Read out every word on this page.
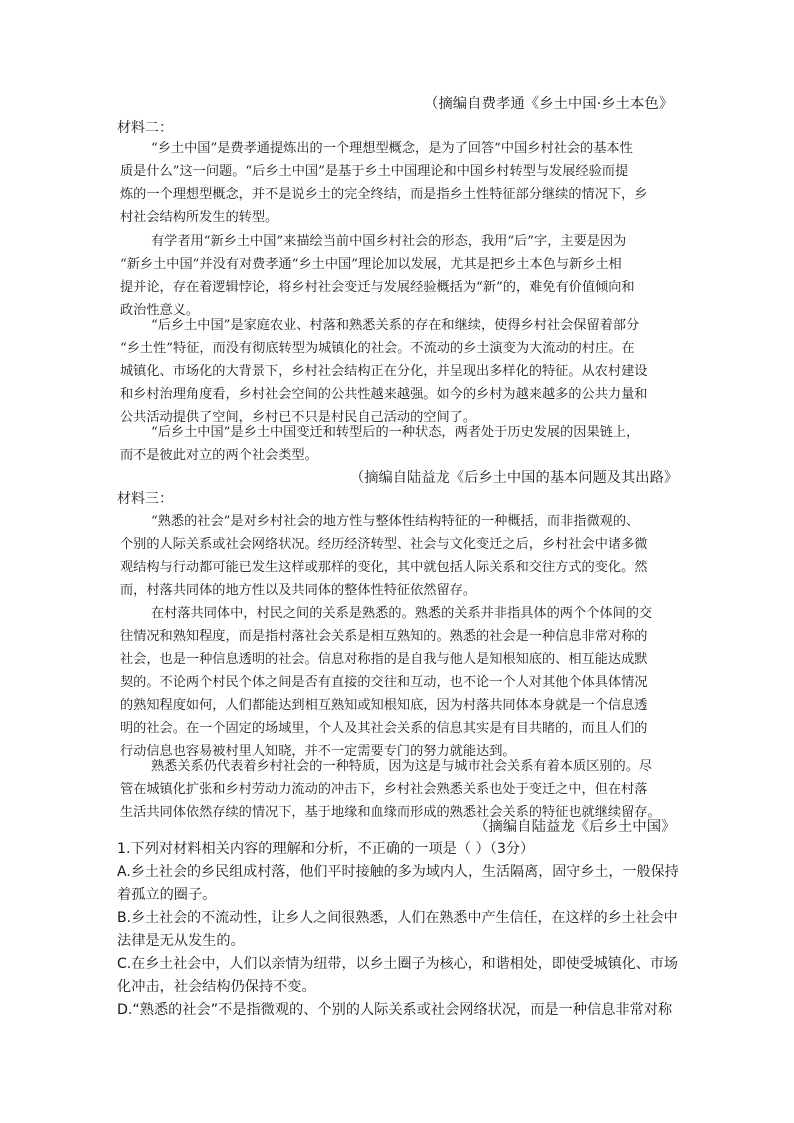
（摘编自费孝通《乡土中国·乡土本色》
材料二：
“乡土中国”是费孝通提炼出的一个理想型概念，是为了回答“中国乡村社会的基本性
质是什么”这一问题。“后乡土中国”是基于乡土中国理论和中国乡村转型与发展经验而提
炼的一个理想型概念，并不是说乡土的完全终结，而是指乡土性特征部分继续的情况下，乡
村社会结构所发生的转型。
有学者用“新乡土中国”来描绘当前中国乡村社会的形态，我用“后”字，主要是因为
“新乡土中国”并没有对费孝通“乡土中国”理论加以发展，尤其是把乡土本色与新乡土相
提并论，存在着逻辑悖论，将乡村社会变迁与发展经验概括为“新”的，难免有价值倾向和
政治性意义。
“后乡土中国”是家庭农业、村落和熟悉关系的存在和继续，使得乡村社会保留着部分
“乡土性”特征，而没有彻底转型为城镇化的社会。不流动的乡土演变为大流动的村庄。在
城镇化、市场化的大背景下，乡村社会结构正在分化，并呈现出多样化的特征。从农村建设
和乡村治理角度看，乡村社会空间的公共性越来越强。如今的乡村为越来越多的公共力量和
公共活动提供了空间，乡村已不只是村民自己活动的空间了。
“后乡土中国”是乡土中国变迁和转型后的一种状态，两者处于历史发展的因果链上，
而不是彼此对立的两个社会类型。
（摘编自陆益龙《后乡土中国的基本问题及其出路》
材料三：
“熟悉的社会”是对乡村社会的地方性与整体性结构特征的一种概括，而非指微观的、
个别的人际关系或社会网络状况。经历经济转型、社会与文化变迁之后，乡村社会中诸多微
观结构与行动都可能已发生这样或那样的变化，其中就包括人际关系和交往方式的变化。然
而，村落共同体的地方性以及共同体的整体性特征依然留存。
在村落共同体中，村民之间的关系是熟悉的。熟悉的关系并非指具体的两个个体间的交
往情况和熟知程度，而是指村落社会关系是相互熟知的。熟悉的社会是一种信息非常对称的
社会，也是一种信息透明的社会。信息对称指的是自我与他人是知根知底的、相互能达成默
契的。不论两个村民个体之间是否有直接的交往和互动，也不论一个人对其他个体具体情况
的熟知程度如何，人们都能达到相互熟知或知根知底，因为村落共同体本身就是一个信息透
明的社会。在一个固定的场域里，个人及其社会关系的信息其实是有目共睹的，而且人们的
行动信息也容易被村里人知晓，并不一定需要专门的努力就能达到。
熟悉关系仍代表着乡村社会的一种特质，因为这是与城市社会关系有着本质区别的。尽
管在城镇化扩张和乡村劳动力流动的冲击下，乡村社会熟悉关系也处于变迁之中，但在村落
生活共同体依然存续的情况下，基于地缘和血缘而形成的熟悉社会关系的特征也就继续留存。
（摘编自陆益龙《后乡土中国》
1.下列对材料相关内容的理解和分析，不正确的一项是（ ）（3分）
A.乡土社会的乡民组成村落，他们平时接触的多为域内人，生活隔离，固守乡土，一般保持
着孤立的圈子。
B.乡土社会的不流动性，让乡人之间很熟悉，人们在熟悉中产生信任，在这样的乡土社会中
法律是无从发生的。
C.在乡土社会中，人们以亲情为纽带，以乡土圈子为核心，和谐相处，即使受城镇化、市场
化冲击，社会结构仍保持不变。
D.“熟悉的社会”不是指微观的、个别的人际关系或社会网络状况，而是一种信息非常对称
